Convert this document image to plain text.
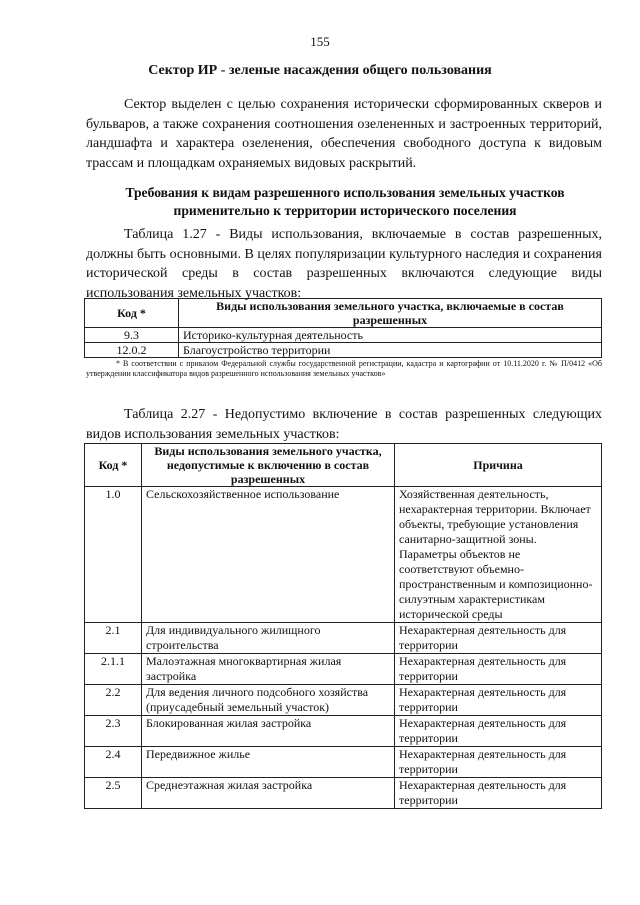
155
Сектор ИР - зеленые насаждения общего пользования

Сектор выделен с целью сохранения исторически сформированных скверов и бульваров, а также сохранения соотношения озелененных и застроенных территорий, ландшафта и характера озеленения, обеспечения свободного доступа к видовым трассам и площадкам охраняемых видовых раскрытий.

Требования к видам разрешенного использования земельных участков применительно к территории исторического поселения

Таблица 1.27 - Виды использования, включаемые в состав разрешенных, должны быть основными. В целях популяризации культурного наследия и сохранения исторической среды в состав разрешенных включаются следующие виды использования земельных участков:

Код *	Виды использования земельного участка, включаемые в состав разрешенных
9.3	Историко-культурная деятельность
12.0.2	Благоустройство территории

* В соответствии с приказом Федеральной службы государственной регистрации, кадастра и картографии от 10.11.2020 г. № П/0412 «Об утверждении классификатора видов разрешенного использования земельных участков»

Таблица 2.27 - Недопустимо включение в состав разрешенных следующих видов использования земельных участков:

Код *	Виды использования земельного участка, недопустимые к включению в состав разрешенных	Причина
1.0	Сельскохозяйственное использование	Хозяйственная деятельность, нехарактерная территории. Включает объекты, требующие установления санитарно-защитной зоны. Параметры объектов не соответствуют объемно-пространственным и композиционно-силуэтным характеристикам исторической среды
2.1	Для индивидуального жилищного строительства	Нехарактерная деятельность для территории
2.1.1	Малоэтажная многоквартирная жилая застройка	Нехарактерная деятельность для территории
2.2	Для ведения личного подсобного хозяйства (приусадебный земельный участок)	Нехарактерная деятельность для территории
2.3	Блокированная жилая застройка	Нехарактерная деятельность для территории
2.4	Передвижное жилье	Нехарактерная деятельность для территории
2.5	Среднеэтажная жилая застройка	Нехарактерная деятельность для территории
